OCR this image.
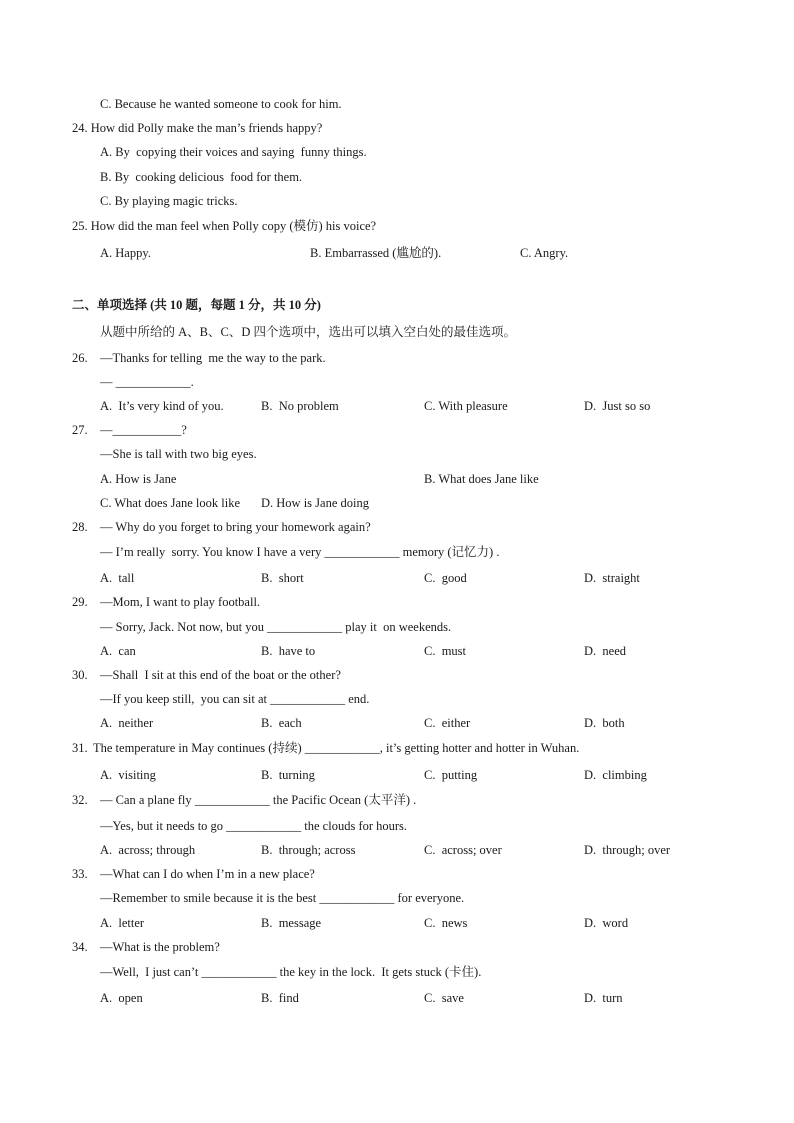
C. Because he wanted someone to cook for him.
24. How did Polly make the man’s friends happy?
A. By  copying their voices and saying  funny things.
B. By  cooking delicious  food for them.
C. By playing magic tricks.
25. How did the man feel when Polly copy (模仿) his voice?
A. Happy.	B. Embarrassed (尴尬的).	C. Angry.
二、单项选择 (共 10 题，每题 1 分，共 10 分)
从题中所给的 A、B、C、D 四个选项中，选出可以填入空白处的最佳选项。
26. —Thanks for telling  me the way to the park.
— ____________.
A.  It’s very kind of you.	B.  No problem	C. With pleasure	D.  Just so so
27. —___________?
—She is tall with two big eyes.
A. How is Jane	B. What does Jane like
C. What does Jane look like D. How is Jane doing
28. — Why do you forget to bring your homework again?
— I’m really  sorry. You know I have a very ____________ memory (记忆力) .
A.  tall	B.  short	C.  good	D.  straight
29. —Mom, I want to play football.
— Sorry, Jack. Not now, but you ____________ play it  on weekends.
A.  can	B.  have to	C.  must	D.  need
30. —Shall  I sit at this end of the boat or the other?
—If you keep still,  you can sit at ____________ end.
A.  neither	B.  each	C.  either	D.  both
31. The temperature in May continues (持续) ____________, it’s getting hotter and hotter in Wuhan.
A.  visiting	B.  turning	C.  putting	D.  climbing
32. — Can a plane fly ____________ the Pacific Ocean (太平洋) .
—Yes, but it needs to go ____________ the clouds for hours.
A.  across; through	B.  through; across	C.  across; over	D.  through; over
33. —What can I do when I’m in a new place?
—Remember to smile because it is the best ____________ for everyone.
A.  letter	B.  message	C.  news	D.  word
34. —What is the problem?
—Well,  I just can’t ____________ the key in the lock.  It gets stuck (卡住).
A.  open	B.  find	C.  save	D.  turn
